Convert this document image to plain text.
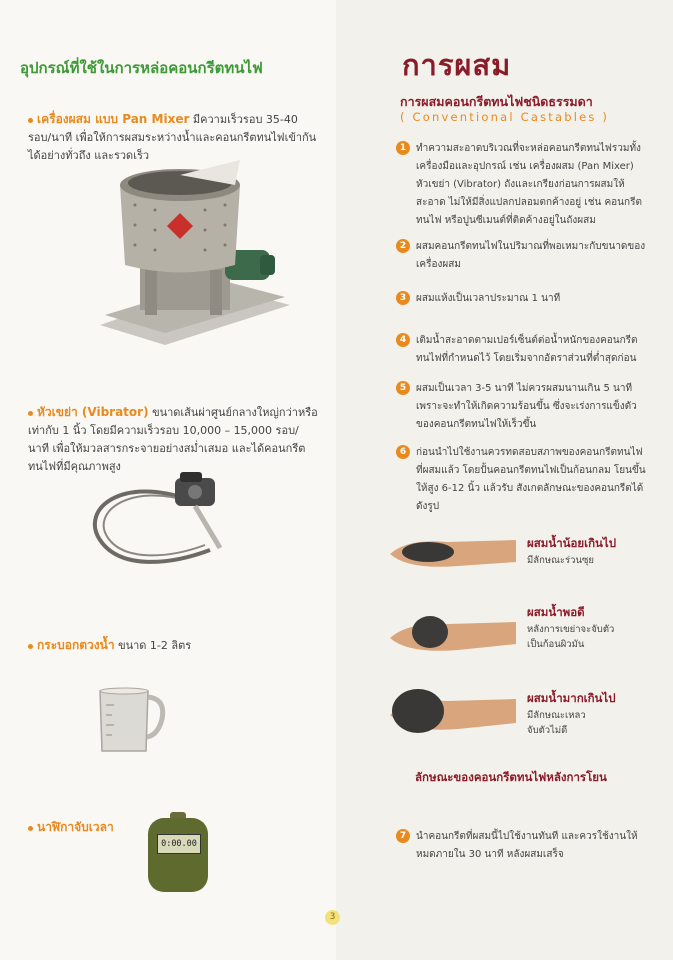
อุปกรณ์ที่ใช้ในการหล่อคอนกรีตทนไฟ
เครื่องผสม แบบ Pan Mixer มีความเร็วรอบ 35-40 รอบ/นาที เพื่อให้การผสมระหว่างน้ำและคอนกรีตทนไฟเข้ากันได้อย่างทั่วถึง และรวดเร็ว
หัวเขย่า (Vibrator) ขนาดเส้นผ่าศูนย์กลางใหญ่กว่าหรือเท่ากับ 1 นิ้ว โดยมีความเร็วรอบ 10,000 – 15,000 รอบ/นาที เพื่อให้มวลสารกระจายอย่างสม่ำเสมอ และได้คอนกรีตทนไฟที่มีคุณภาพสูง
กระบอกตวงน้ำ ขนาด 1-2 ลิตร
นาฬิกาจับเวลา
0:00.00
การผสม
การผสมคอนกรีตทนไฟชนิดธรรมดา
( Conventional Castables )
1 ทำความสะอาดบริเวณที่จะหล่อคอนกรีตทนไฟรวมทั้งเครื่องมือและอุปกรณ์ เช่น เครื่องผสม (Pan Mixer) หัวเขย่า (Vibrator) ถังและเกรียงก่อนการผสมให้สะอาด ไม่ให้มีสิ่งแปลกปลอมตกค้างอยู่ เช่น คอนกรีตทนไฟ หรือปูนซีเมนต์ที่ติดค้างอยู่ในถังผสม
2 ผสมคอนกรีตทนไฟในปริมาณที่พอเหมาะกับขนาดของเครื่องผสม
3 ผสมแห้งเป็นเวลาประมาณ 1 นาที
4 เติมน้ำสะอาดตามเปอร์เซ็นต์ต่อน้ำหนักของคอนกรีตทนไฟที่กำหนดไว้ โดยเริ่มจากอัตราส่วนที่ต่ำสุดก่อน
5 ผสมเป็นเวลา 3-5 นาที ไม่ควรผสมนานเกิน 5 นาที เพราะจะทำให้เกิดความร้อนขึ้น ซึ่งจะเร่งการแข็งตัวของคอนกรีตทนไฟให้เร็วขึ้น
6 ก่อนนำไปใช้งานควรทดสอบสภาพของคอนกรีตทนไฟที่ผสมแล้ว โดยปั้นคอนกรีตทนไฟเป็นก้อนกลม โยนขึ้นให้สูง 6-12 นิ้ว แล้วรับ สังเกตลักษณะของคอนกรีตได้ดังรูป
ผสมน้ำน้อยเกินไป
มีลักษณะร่วนซุย
ผสมน้ำพอดี
หลังการเขย่าจะจับตัว
เป็นก้อนผิวมัน
ผสมน้ำมากเกินไป
มีลักษณะเหลว
จับตัวไม่ดี
ลักษณะของคอนกรีตทนไฟหลังการโยน
7 นำคอนกรีตที่ผสมนี้ไปใช้งานทันที และควรใช้งานให้หมดภายใน 30 นาที หลังผสมเสร็จ
3
